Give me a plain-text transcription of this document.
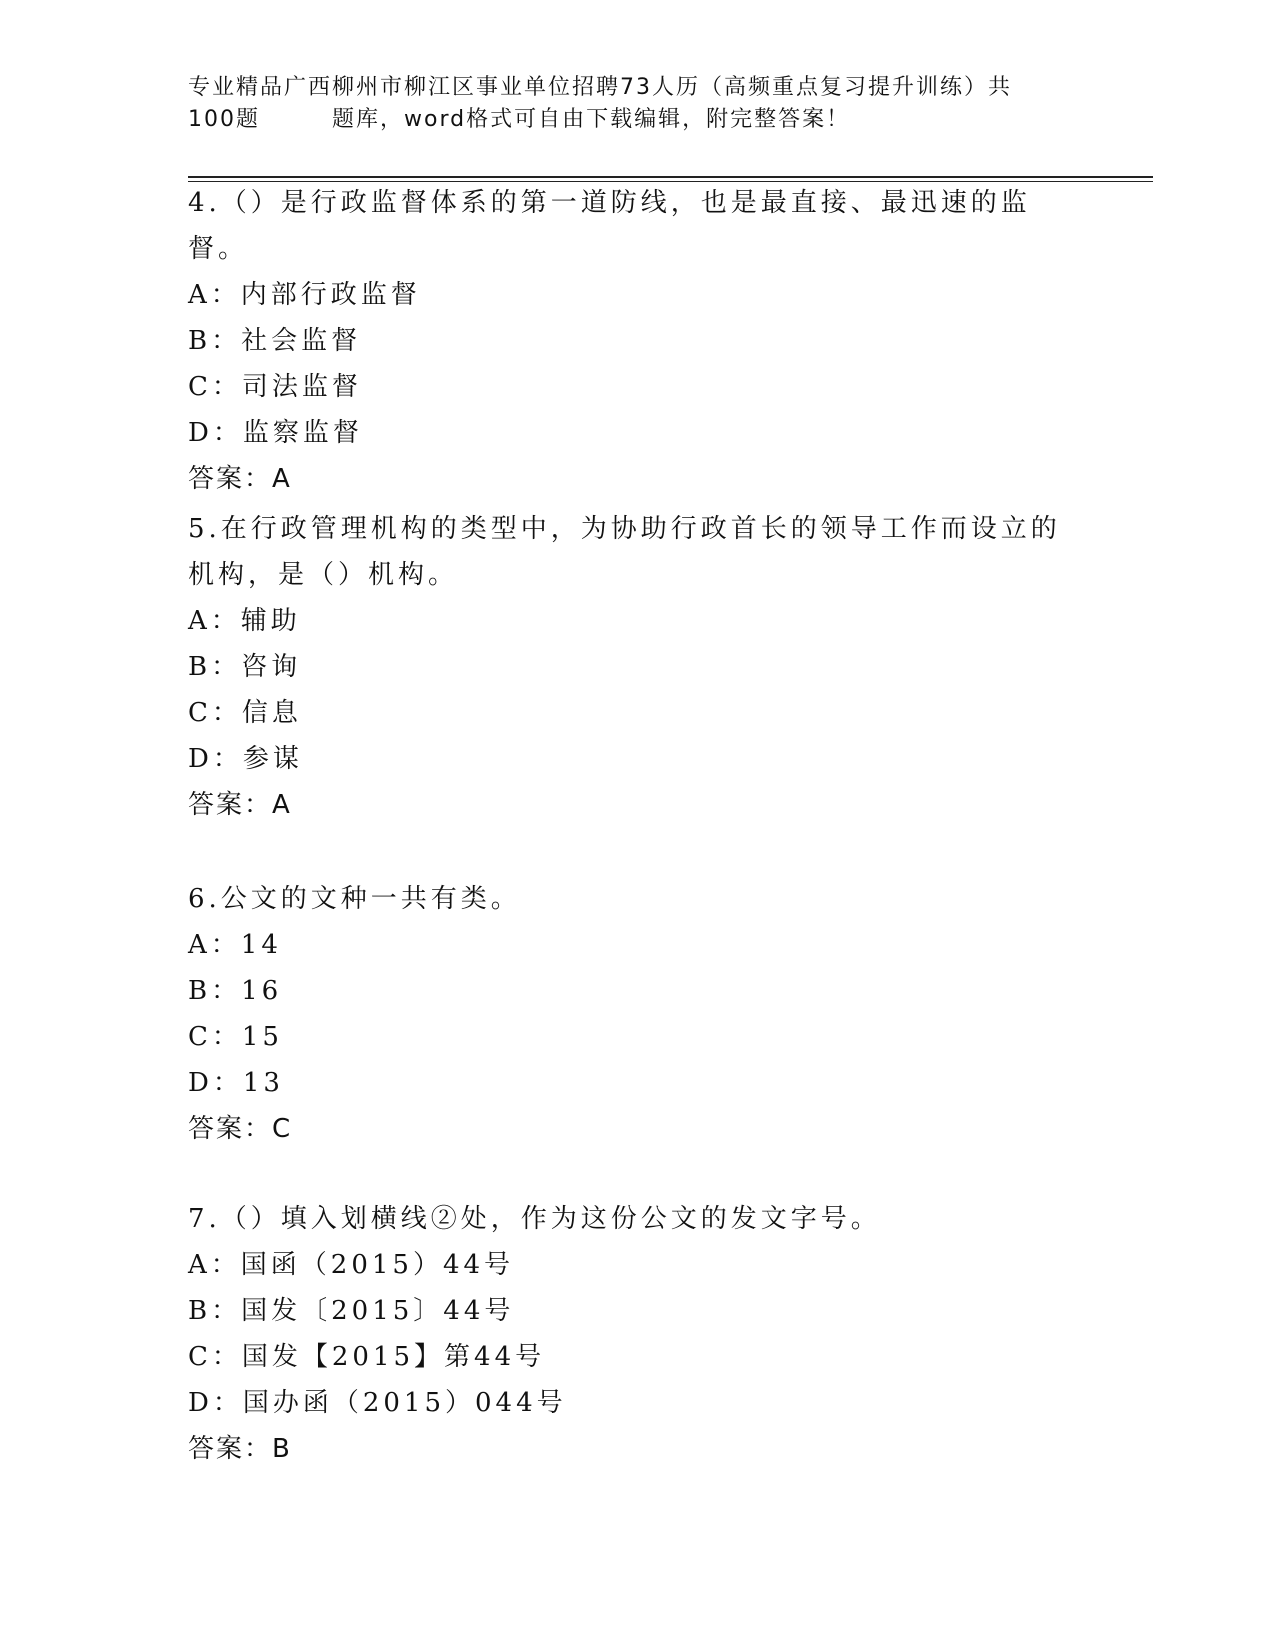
专业精品广西柳州市柳江区事业单位招聘73人历（高频重点复习提升训练）共
100题	题库，word格式可自由下载编辑，附完整答案！

4.（）是行政监督体系的第一道防线，也是最直接、最迅速的监督。

A：内部行政监督

B：社会监督

C：司法监督

D：监察监督

答案：A

5.在行政管理机构的类型中，为协助行政首长的领导工作而设立的机构，是（）机构。

A：辅助

B：咨询

C：信息

D：参谋

答案：A

6.公文的文种一共有类。

A：14

B：16

C：15

D：13

答案：C

7.（）填入划横线②处，作为这份公文的发文字号。

A：国函（2015）44号

B：国发〔2015〕44号

C：国发【2015】第44号

D：国办函（2015）044号

答案：B
